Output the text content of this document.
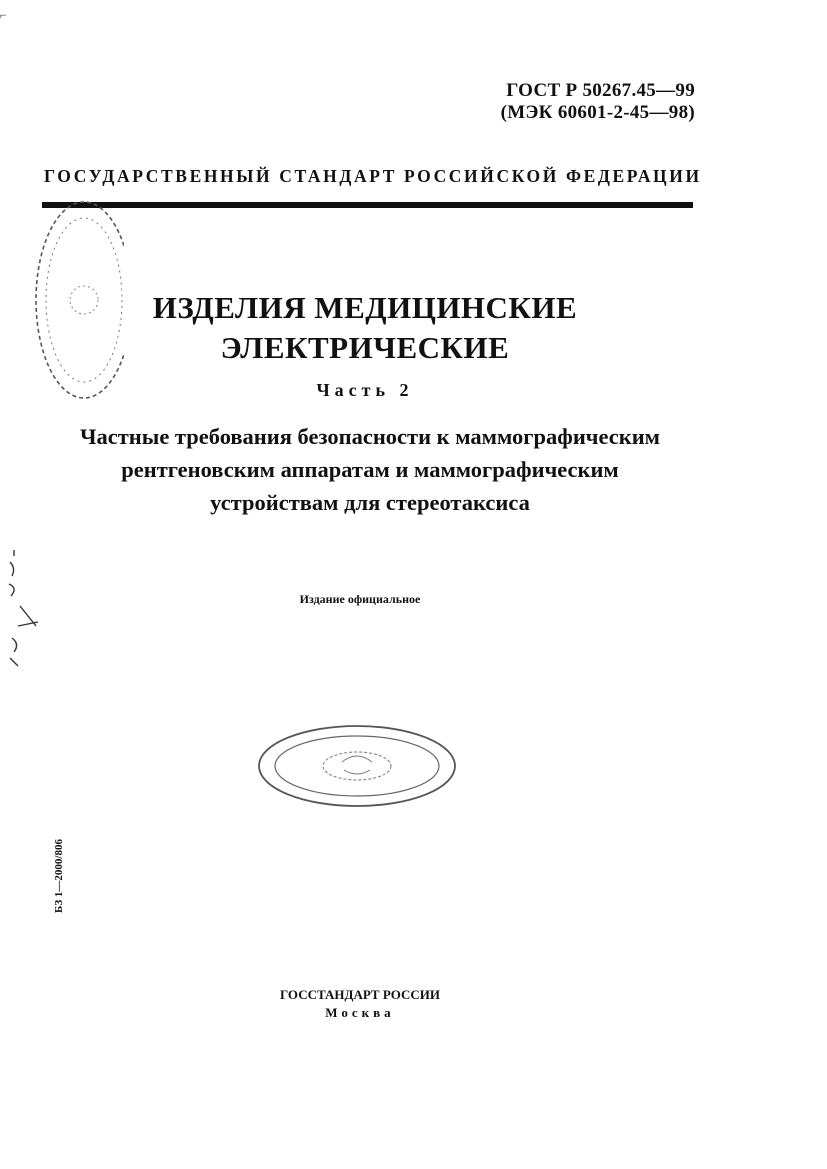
⌐
ГОСТ Р 50267.45—99
(МЭК 60601-2-45—98)
ГОСУДАРСТВЕННЫЙ СТАНДАРТ РОССИЙСКОЙ ФЕДЕРАЦИИ
ИЗДЕЛИЯ МЕДИЦИНСКИЕ
ЭЛЕКТРИЧЕСКИЕ
Часть 2
Частные требования безопасности к маммографическим
рентгеновским аппаратам и маммографическим
устройствам для стереотаксиса
Издание официальное
БЗ 1—2000/806
ГОССТАНДАРТ РОССИИ
Москва
